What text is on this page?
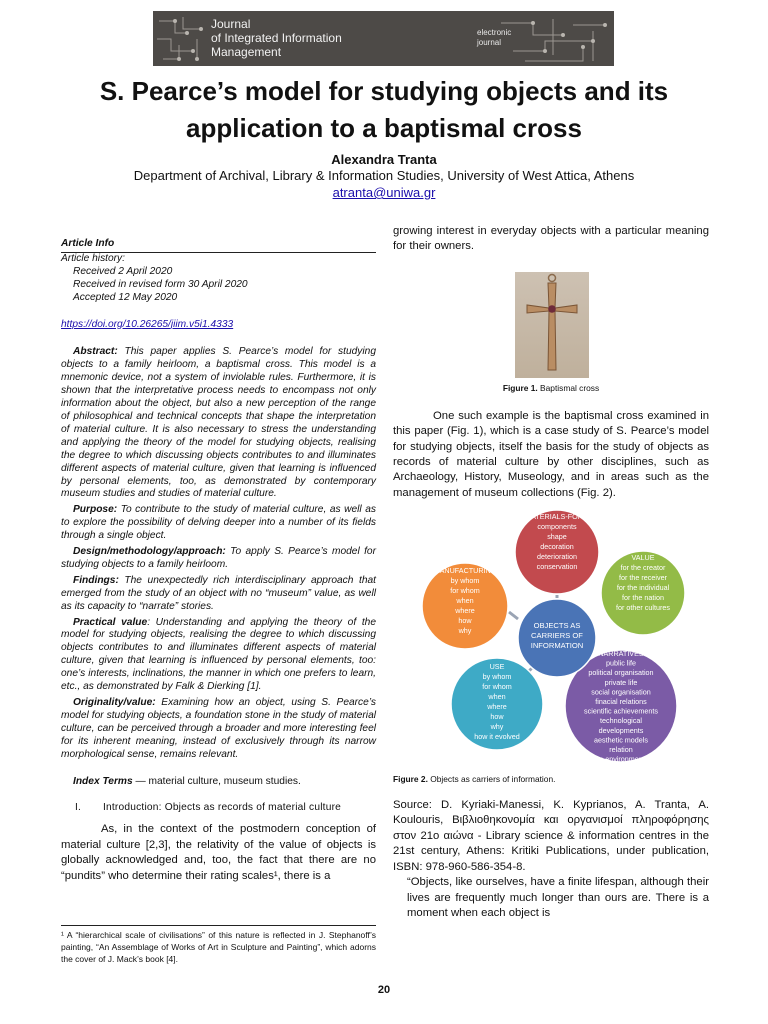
Journal
of Integrated Information
Management
electronic
journal
S. Pearce’s model for studying objects and its
application to a baptismal cross
Alexandra Tranta
Department of Archival, Library & Information Studies, University of West Attica, Athens
atranta@uniwa.gr
Article Info
Article history:
Received 2 April 2020
Received in revised form 30 April 2020
Accepted 12 May 2020
https://doi.org/10.26265/jiim.v5i1.4333

Abstract: This paper applies S. Pearce’s model for studying objects to a family heirloom, a baptismal cross. This model is a mnemonic device, not a system of inviolable rules. Furthermore, it is shown that the interpretative process needs to encompass not only information about the object, but also a new perception of the range of philosophical and technical concepts that shape the interpretation of material culture. It is also necessary to stress the understanding and applying the theory of the model for studying objects, realising the degree to which discussing objects contributes to and illuminates different aspects of material culture, given that learning is influenced by personal elements, too, as demonstrated by contemporary museum studies and studies of material culture.

Purpose: To contribute to the study of material culture, as well as to explore the possibility of delving deeper into a number of its fields through a single object.

Design/methodology/approach: To apply S. Pearce’s model for studying objects to a family heirloom.

Findings: The unexpectedly rich interdisciplinary approach that emerged from the study of an object with no “museum” value, as well as its capacity to “narrate” stories.

Practical value: Understanding and applying the theory of the model for studying objects, realising the degree to which discussing objects contributes to and illuminates different aspects of material culture, given that learning is influenced by personal elements, too: one’s interests, inclinations, the manner in which one prefers to learn, etc., as demonstrated by Falk & Dierking [1].

Originality/value: Examining how an object, using S. Pearce’s model for studying objects, a foundation stone in the study of material culture, can be perceived through a broader and more interesting feel for its inherent meaning, instead of exclusively through its narrow morphological sense, remains relevant.

Index Terms — material culture, museum studies.
I. Introduction: Objects as records of material culture

As, in the context of the postmodern conception of material culture [2,3], the relativity of the value of objects is globally acknowledged and, too, the fact that there are no “pundits” who determine their rating scales¹, there is a

¹ A “hierarchical scale of civilisations” of this nature is reflected in J. Stephanoff’s painting, “An Assemblage of Works of Art in Sculpture and Painting”, which adorns the cover of J. Mack’s book [4].

growing interest in everyday objects with a particular meaning for their owners.

Figure 1. Baptismal cross

One such example is the baptismal cross examined in this paper (Fig. 1), which is a case study of S. Pearce’s model for studying objects, itself the basis for the study of objects as records of material culture by other disciplines, such as Archaeology, History, Museology, and in areas such as the management of museum collections (Fig. 2).

MATERIALS-FORM
components
shape
decoration
deterioration
conservation
VALUE
for the creator
for the receiver
for the individual
for the nation
for other cultures
MANUFACTURING
by whom
for whom
when
where
how
why
USE
by whom
for whom
when
where
how
why
how it evolved
NARRATIVES
public life
political organisation
private life
social organisation
finacial relations
scientific achievements
technological
developments
aesthetic models
relation
to environment
OBJECTS AS
CARRIERS OF
INFORMATION
Figure 2. Objects as carriers of information.
Source: D. Kyriaki-Manessi, K. Kyprianos, A. Tranta, A. Koulouris, Βιβλιοθηκονομία και οργανισμοί πληροφόρησης στον 21ο αιώνα - Library science & information centres in the 21st century, Athens: Kritiki Publications, under publication, ISBN: 978-960-586-354-8.

“Objects, like ourselves, have a finite lifespan, although their lives are frequently much longer than ours are. There is a moment when each object is

20
